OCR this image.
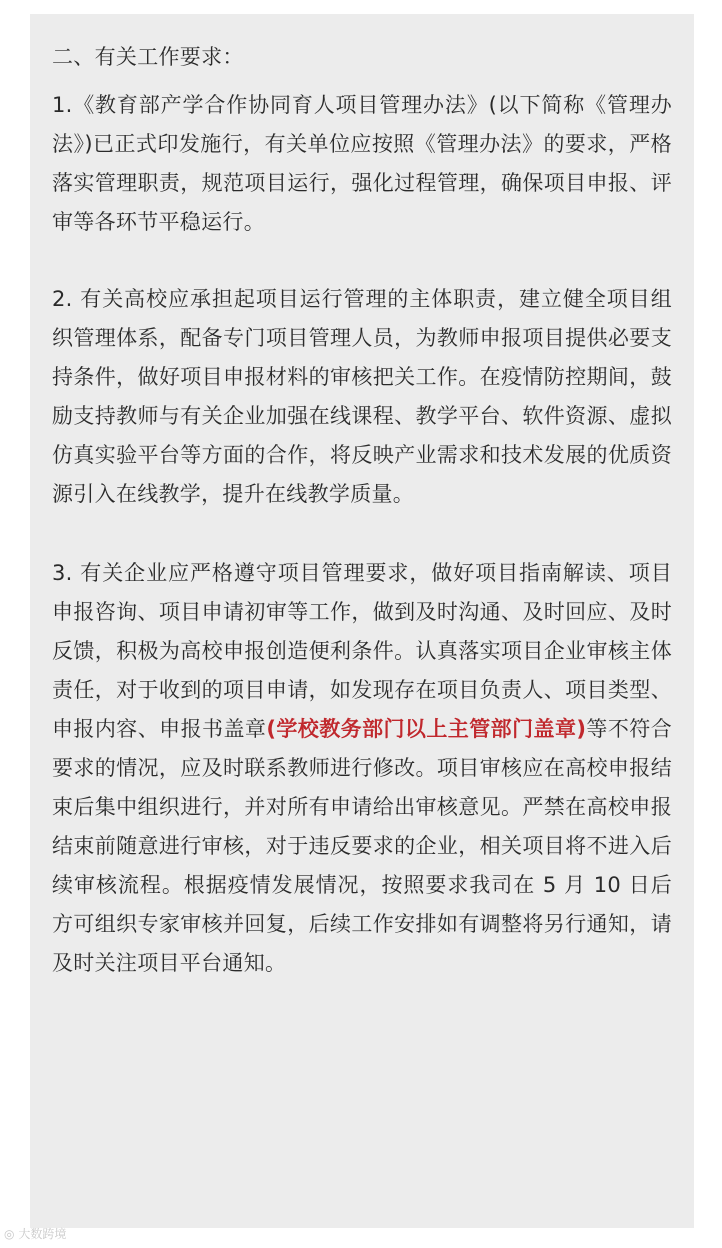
二、有关工作要求：

1.《教育部产学合作协同育人项目管理办法》(以下简称《管理办法》)已正式印发施行，有关单位应按照《管理办法》的要求，严格落实管理职责，规范项目运行，强化过程管理，确保项目申报、评审等各环节平稳运行。

2. 有关高校应承担起项目运行管理的主体职责，建立健全项目组织管理体系，配备专门项目管理人员，为教师申报项目提供必要支持条件，做好项目申报材料的审核把关工作。在疫情防控期间，鼓励支持教师与有关企业加强在线课程、教学平台、软件资源、虚拟仿真实验平台等方面的合作，将反映产业需求和技术发展的优质资源引入在线教学，提升在线教学质量。

3. 有关企业应严格遵守项目管理要求，做好项目指南解读、项目申报咨询、项目申请初审等工作，做到及时沟通、及时回应、及时反馈，积极为高校申报创造便利条件。认真落实项目企业审核主体责任，对于收到的项目申请，如发现存在项目负责人、项目类型、申报内容、申报书盖章(学校教务部门以上主管部门盖章)等不符合要求的情况，应及时联系教师进行修改。项目审核应在高校申报结束后集中组织进行，并对所有申请给出审核意见。严禁在高校申报结束前随意进行审核，对于违反要求的企业，相关项目将不进入后续审核流程。根据疫情发展情况，按照要求我司在 5 月 10 日后方可组织专家审核并回复，后续工作安排如有调整将另行通知，请及时关注项目平台通知。

◎ 大数跨境
